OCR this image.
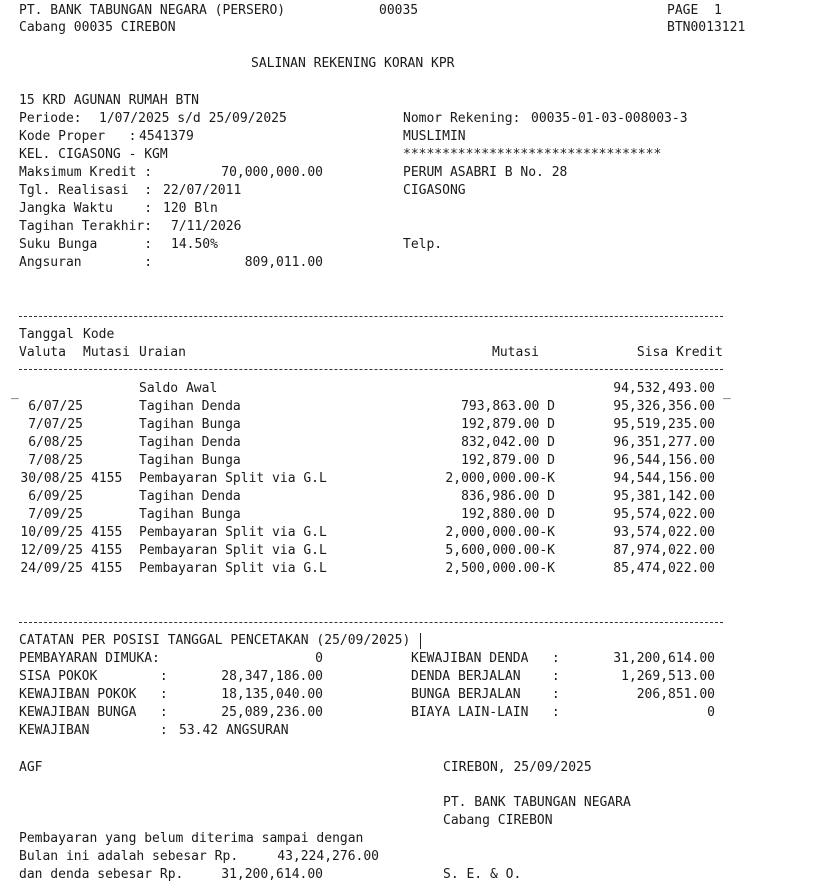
PT. BANK TABUNGAN NEGARA (PERSERO)	00035	PAGE  1
Cabang 00035 CIREBON	BTN0013121
SALINAN REKENING KORAN KPR
15 KRD AGUNAN RUMAH BTN
Periode: 1/07/2025 s/d 25/09/2025
Kode Proper   : 4541379
KEL. CIGASONG - KGM
Maksimum Kredit :	70,000,000.00
Tgl. Realisasi  : 22/07/2011
Jangka Waktu    : 120 Bln
Tagihan Terakhir: 7/11/2026
Suku Bunga      : 14.50%
Angsuran        :	809,011.00
Nomor Rekening: 00035-01-03-008003-3
MUSLIMIN
*********************************
PERUM ASABRI B No. 28
CIGASONG
Telp.
Tanggal Kode
Valuta Mutasi Uraian	Mutasi	Sisa Kredit
Saldo Awal	94,532,493.00
6/07/25	Tagihan Denda	793,863.00 D	95,326,356.00
7/07/25	Tagihan Bunga	192,879.00 D	95,519,235.00
6/08/25	Tagihan Denda	832,042.00 D	96,351,277.00
7/08/25	Tagihan Bunga	192,879.00 D	96,544,156.00
30/08/25 4155 Pembayaran Split via G.L	2,000,000.00-K	94,544,156.00
6/09/25	Tagihan Denda	836,986.00 D	95,381,142.00
7/09/25	Tagihan Bunga	192,880.00 D	95,574,022.00
10/09/25 4155 Pembayaran Split via G.L	2,000,000.00-K	93,574,022.00
12/09/25 4155 Pembayaran Split via G.L	5,600,000.00-K	87,974,022.00
24/09/25 4155 Pembayaran Split via G.L	2,500,000.00-K	85,474,022.00
_	_
CATATAN PER POSISI TANGGAL PENCETAKAN (25/09/2025)
PEMBAYARAN DIMUKA:	0
SISA POKOK        :	28,347,186.00
KEWAJIBAN POKOK   :	18,135,040.00
KEWAJIBAN BUNGA   :	25,089,236.00
KEWAJIBAN DENDA   :	31,200,614.00
DENDA BERJALAN    :	1,269,513.00
BUNGA BERJALAN    :	206,851.00
BIAYA LAIN-LAIN   :	0
KEWAJIBAN         : 53.42 ANGSURAN
AGF	CIREBON, 25/09/2025
PT. BANK TABUNGAN NEGARA
Cabang CIREBON
Pembayaran yang belum diterima sampai dengan
Bulan ini adalah sebesar Rp.	43,224,276.00
dan denda sebesar Rp.	31,200,614.00	S. E. & O.
